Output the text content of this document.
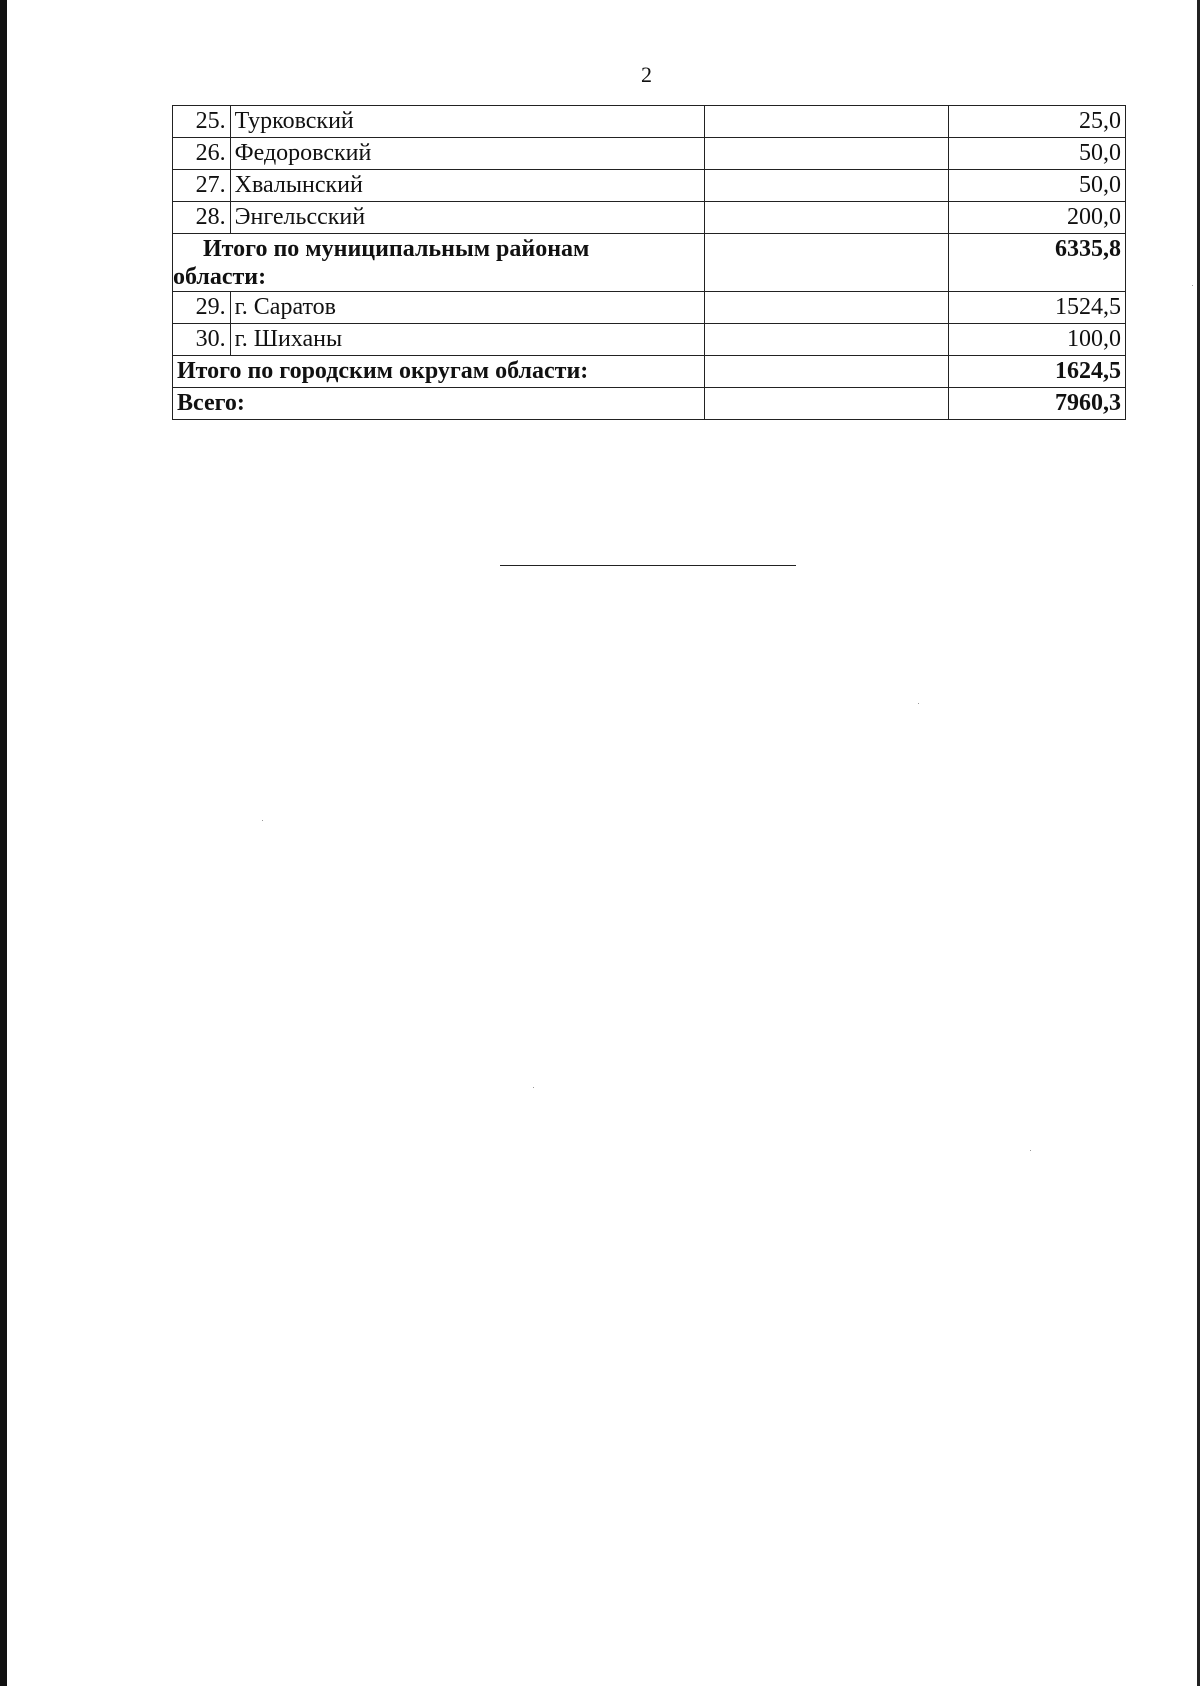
2
25.	Турковский		25,0
26.	Федоровский		50,0
27.	Хвалынский		50,0
28.	Энгельсский		200,0
Итого по муниципальным районам
области:			6335,8
29.	г. Саратов		1524,5
30.	г. Шиханы		100,0
Итого по городским округам области:			1624,5
Всего:			7960,3
